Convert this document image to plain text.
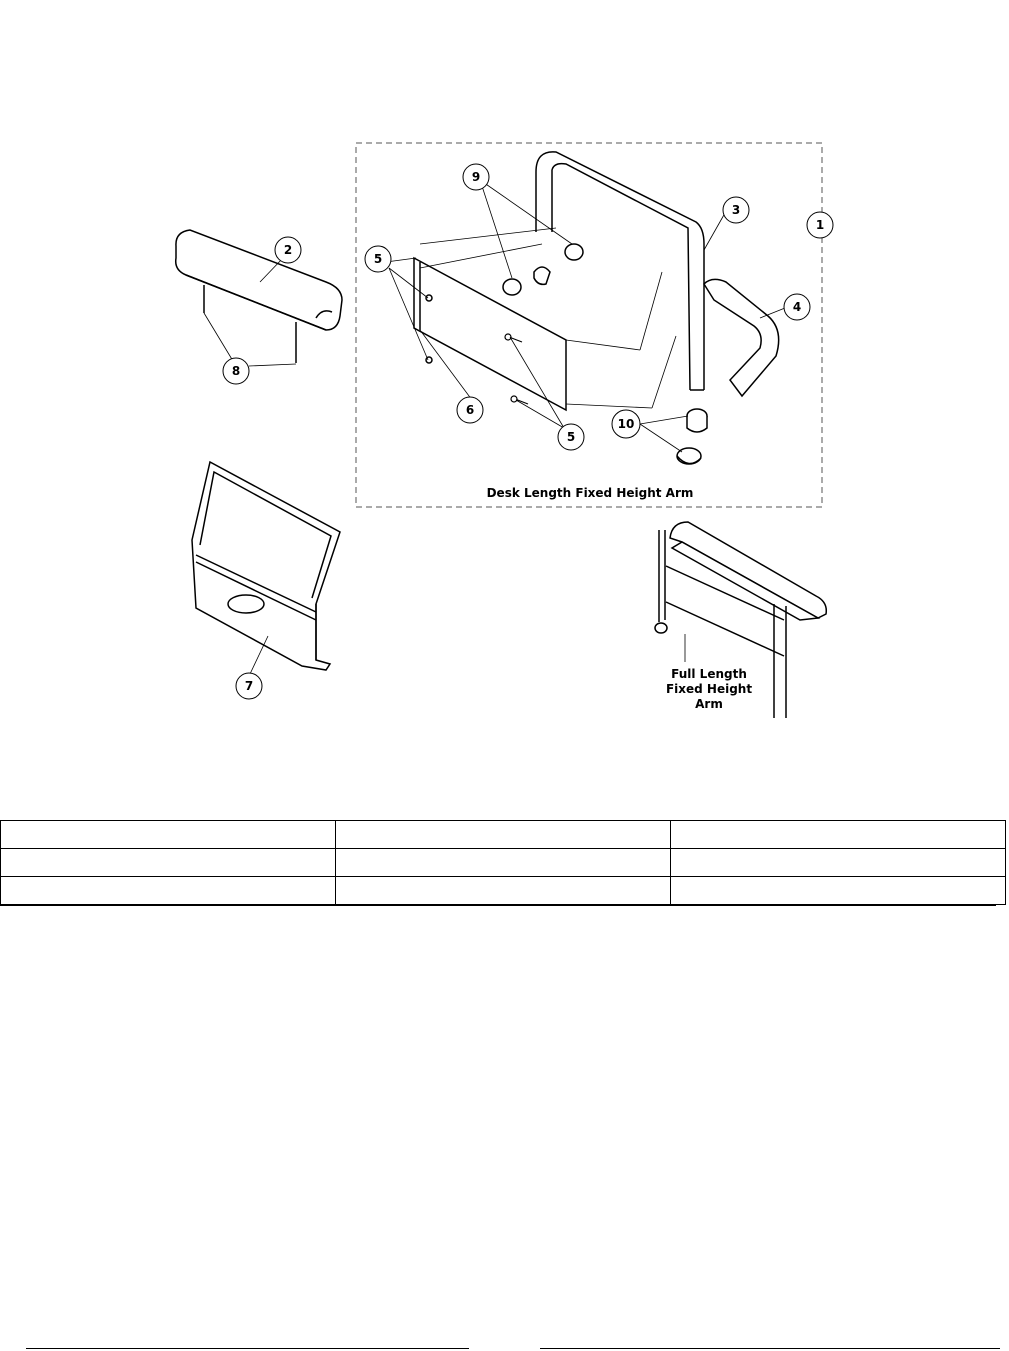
1
2
3
4
5
5
6
7
8
9
10
Desk Length Fixed Height Arm
Full Length
Fixed Height
Arm
